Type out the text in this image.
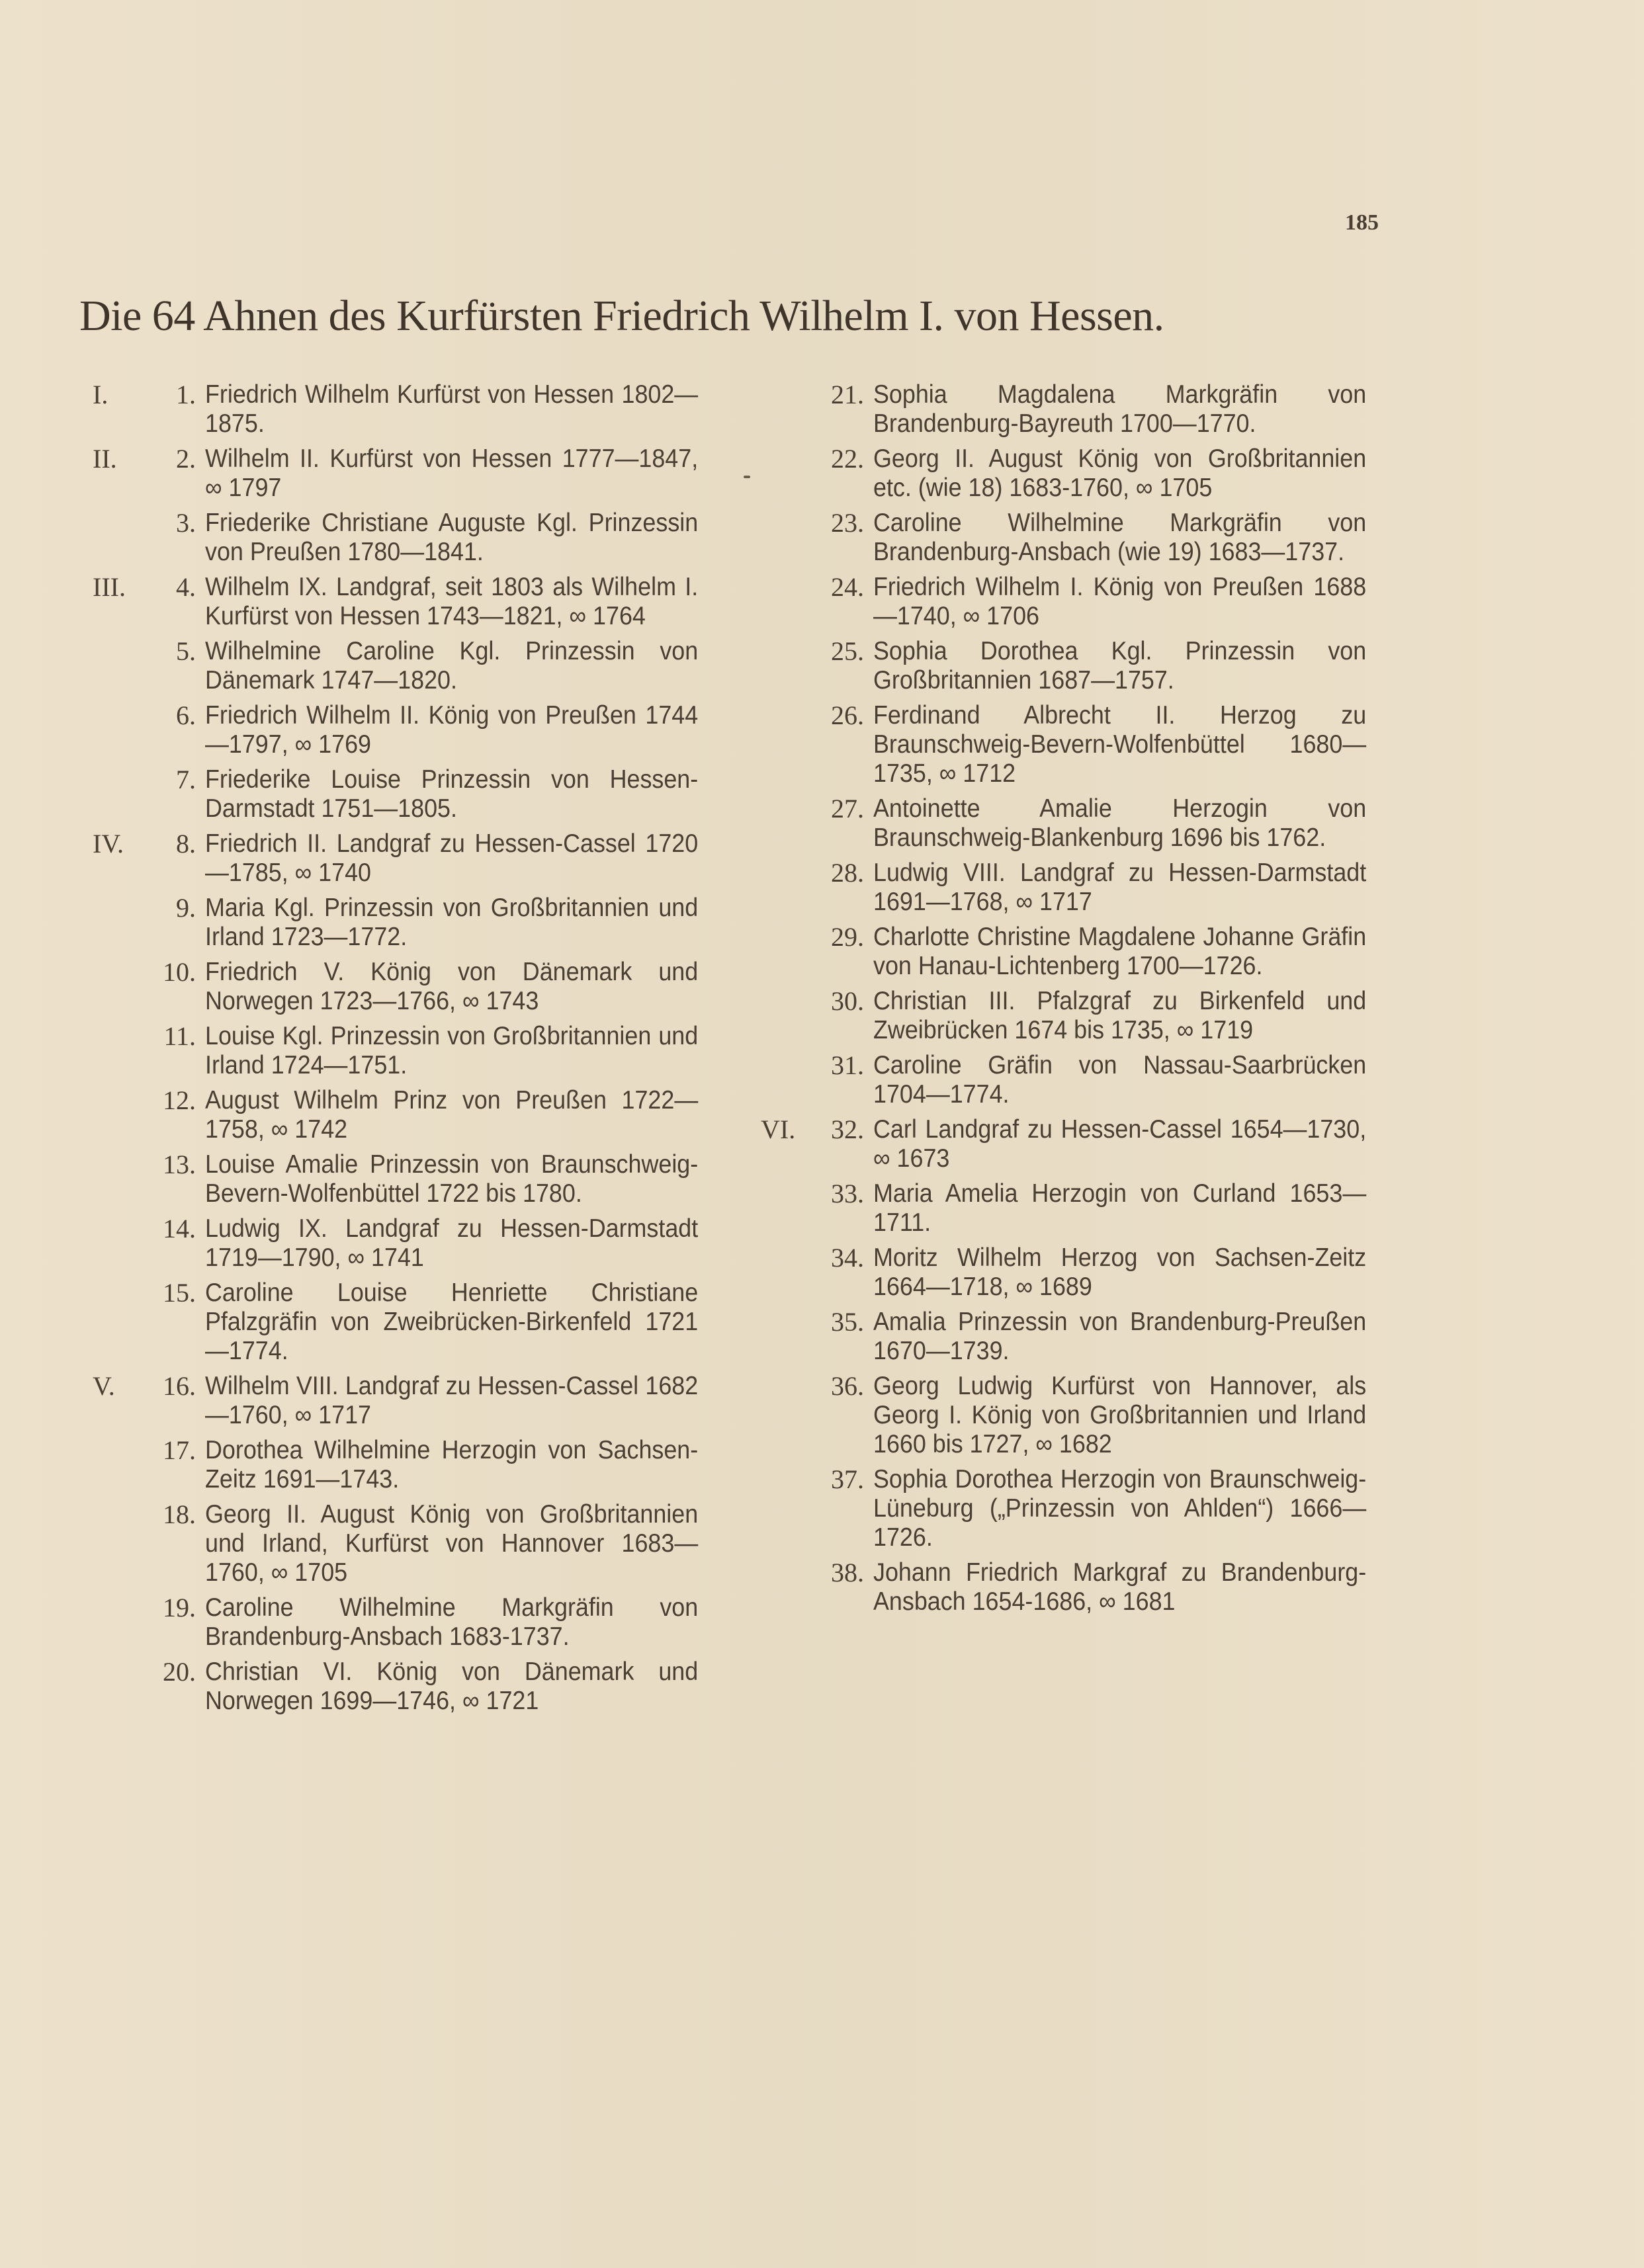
185
Die 64 Ahnen des Kurfürsten Friedrich Wilhelm I. von Hessen.
I.	1. Friedrich Wilhelm Kurfürst von Hessen 1802—1875.
II.	2. Wilhelm II. Kurfürst von Hessen 1777—1847, ∞ 1797
3. Friederike Christiane Auguste Kgl. Prinzessin von Preußen 1780—1841.
III.	4. Wilhelm IX. Landgraf, seit 1803 als Wilhelm I. Kurfürst von Hessen 1743—1821, ∞ 1764
5. Wilhelmine Caroline Kgl. Prinzessin von Dänemark 1747—1820.
6. Friedrich Wilhelm II. König von Preußen 1744—1797, ∞ 1769
7. Friederike Louise Prinzessin von Hessen-Darmstadt 1751—1805.
IV.	8. Friedrich II. Landgraf zu Hessen-Cassel 1720—1785, ∞ 1740
9. Maria Kgl. Prinzessin von Großbritannien und Irland 1723—1772.
10. Friedrich V. König von Dänemark und Norwegen 1723—1766, ∞ 1743
11. Louise Kgl. Prinzessin von Großbritannien und Irland 1724—1751.
12. August Wilhelm Prinz von Preußen 1722—1758, ∞ 1742
13. Louise Amalie Prinzessin von Braunschweig-Bevern-Wolfenbüttel 1722 bis 1780.
14. Ludwig IX. Landgraf zu Hessen-Darmstadt 1719—1790, ∞ 1741
15. Caroline Louise Henriette Christiane Pfalzgräfin von Zweibrücken-Birkenfeld 1721—1774.
V.	16. Wilhelm VIII. Landgraf zu Hessen-Cassel 1682—1760, ∞ 1717
17. Dorothea Wilhelmine Herzogin von Sachsen-Zeitz 1691—1743.
18. Georg II. August König von Großbritannien und Irland, Kurfürst von Hannover 1683—1760, ∞ 1705
19. Caroline Wilhelmine Markgräfin von Brandenburg-Ansbach 1683-1737.
20. Christian VI. König von Dänemark und Norwegen 1699—1746, ∞ 1721
21. Sophia Magdalena Markgräfin von Brandenburg-Bayreuth 1700—1770.
22. Georg II. August König von Großbritannien etc. (wie 18) 1683-1760, ∞ 1705
23. Caroline Wilhelmine Markgräfin von Brandenburg-Ansbach (wie 19) 1683—1737.
24. Friedrich Wilhelm I. König von Preußen 1688—1740, ∞ 1706
25. Sophia Dorothea Kgl. Prinzessin von Großbritannien 1687—1757.
26. Ferdinand Albrecht II. Herzog zu Braunschweig-Bevern-Wolfenbüttel 1680—1735, ∞ 1712
27. Antoinette Amalie Herzogin von Braunschweig-Blankenburg 1696 bis 1762.
28. Ludwig VIII. Landgraf zu Hessen-Darmstadt 1691—1768, ∞ 1717
29. Charlotte Christine Magdalene Johanne Gräfin von Hanau-Lichtenberg 1700—1726.
30. Christian III. Pfalzgraf zu Birkenfeld und Zweibrücken 1674 bis 1735, ∞ 1719
31. Caroline Gräfin von Nassau-Saarbrücken 1704—1774.
VI.	32. Carl Landgraf zu Hessen-Cassel 1654—1730, ∞ 1673
33. Maria Amelia Herzogin von Curland 1653—1711.
34. Moritz Wilhelm Herzog von Sachsen-Zeitz 1664—1718, ∞ 1689
35. Amalia Prinzessin von Brandenburg-Preußen 1670—1739.
36. Georg Ludwig Kurfürst von Hannover, als Georg I. König von Großbritannien und Irland 1660 bis 1727, ∞ 1682
37. Sophia Dorothea Herzogin von Braunschweig-Lüneburg („Prinzessin von Ahlden“) 1666—1726.
38. Johann Friedrich Markgraf zu Brandenburg-Ansbach 1654-1686, ∞ 1681
